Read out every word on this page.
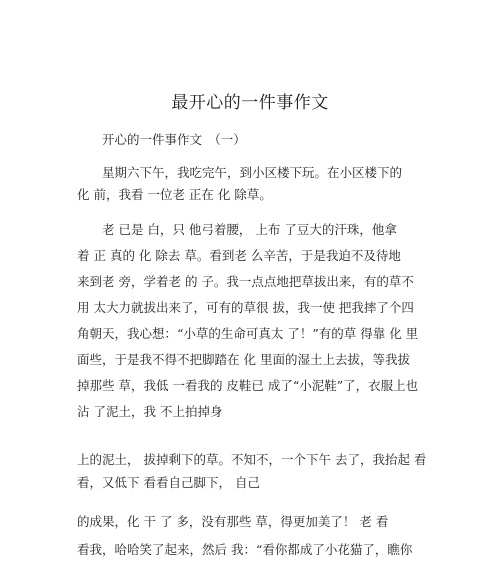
最开心的一件事作文
开心的一件事作文　（一）
星期六下午，我吃完午，到小区楼下玩。在小区楼下的
化 前，我看 一位老 正在 化 除草。
老 已是 白，只 他弓着腰， 上布 了豆大的汗珠，他拿
着 正 真的 化 除去 草。看到老 么辛苦，于是我迫不及待地
来到老 旁，学着老 的 子。我一点点地把草拔出来，有的草不
用 太大力就拔出来了，可有的草很 拔，我一使 把我摔了个四
角朝天，我心想：“小草的生命可真太 了！”有的草 得靠 化 里
面些，于是我不得不把脚踏在 化 里面的湿土上去拔，等我拔
掉那些 草，我低 一看我的 皮鞋已 成了“小泥鞋”了，衣服上也
沾 了泥土，我 不上拍掉身
上的泥土， 拔掉剩下的草。不知不，一个下午 去了，我抬起 看
看，又低下 看看自己脚下， 自己
的成果，化 干 了 多，没有那些 草，得更加美了！ 老 看
看我，哈哈笑了起来，然后 我：“看你都成了小花猫了，瞧你
